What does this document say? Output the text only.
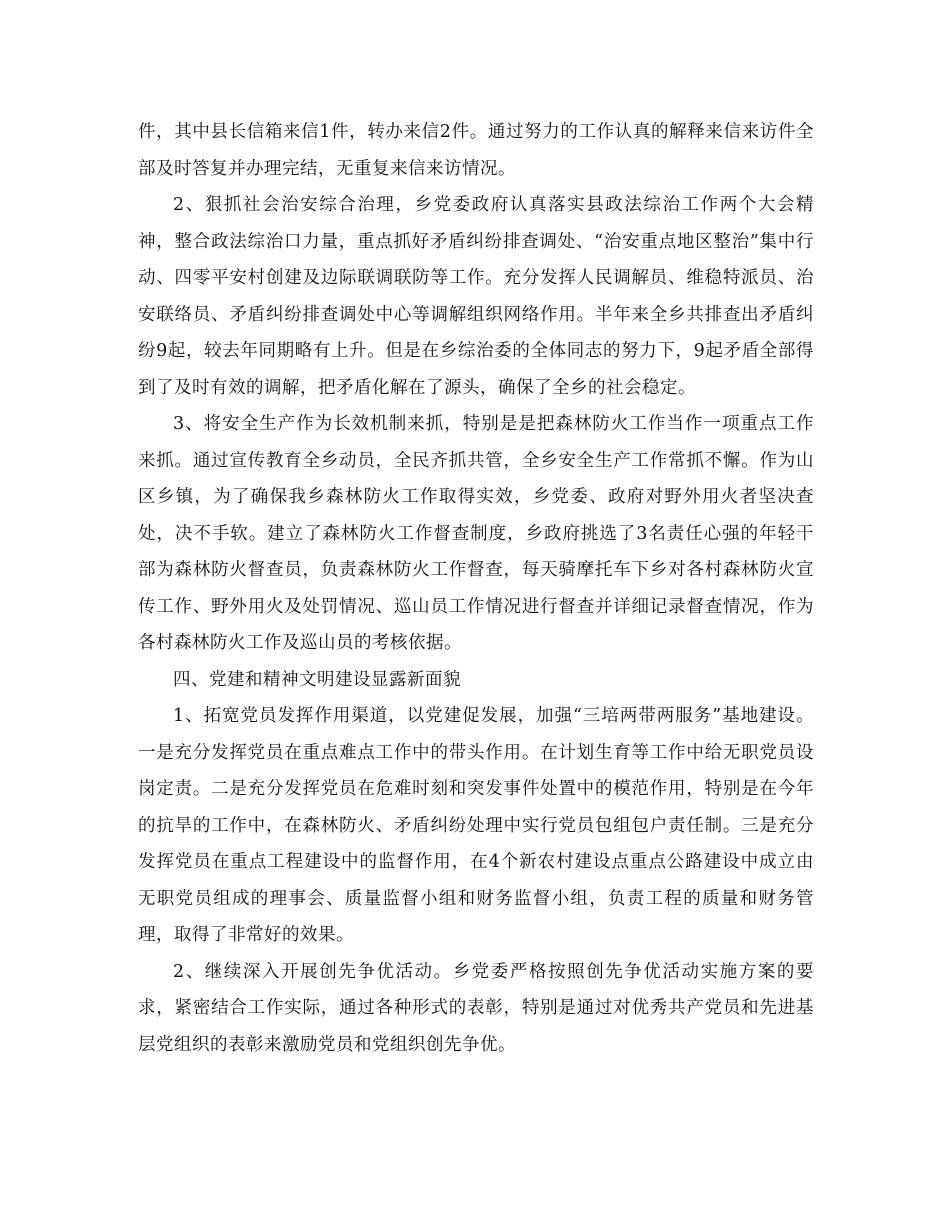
件，其中县长信箱来信1件，转办来信2件。通过努力的工作认真的解释来信来访件全部及时答复并办理完结，无重复来信来访情况。

2、狠抓社会治安综合治理，乡党委政府认真落实县政法综治工作两个大会精神，整合政法综治口力量，重点抓好矛盾纠纷排查调处、“治安重点地区整治”集中行动、四零平安村创建及边际联调联防等工作。充分发挥人民调解员、维稳特派员、治安联络员、矛盾纠纷排查调处中心等调解组织网络作用。半年来全乡共排查出矛盾纠纷9起，较去年同期略有上升。但是在乡综治委的全体同志的努力下，9起矛盾全部得到了及时有效的调解，把矛盾化解在了源头，确保了全乡的社会稳定。

3、将安全生产作为长效机制来抓，特别是是把森林防火工作当作一项重点工作来抓。通过宣传教育全乡动员，全民齐抓共管，全乡安全生产工作常抓不懈。作为山区乡镇，为了确保我乡森林防火工作取得实效，乡党委、政府对野外用火者坚决查处，决不手软。建立了森林防火工作督查制度，乡政府挑选了3名责任心强的年轻干部为森林防火督查员，负责森林防火工作督查，每天骑摩托车下乡对各村森林防火宣传工作、野外用火及处罚情况、巡山员工作情况进行督查并详细记录督查情况，作为各村森林防火工作及巡山员的考核依据。

四、党建和精神文明建设显露新面貌

1、拓宽党员发挥作用渠道，以党建促发展，加强“三培两带两服务”基地建设。一是充分发挥党员在重点难点工作中的带头作用。在计划生育等工作中给无职党员设岗定责。二是充分发挥党员在危难时刻和突发事件处置中的模范作用，特别是在今年的抗旱的工作中，在森林防火、矛盾纠纷处理中实行党员包组包户责任制。三是充分发挥党员在重点工程建设中的监督作用，在4个新农村建设点重点公路建设中成立由无职党员组成的理事会、质量监督小组和财务监督小组，负责工程的质量和财务管理，取得了非常好的效果。

2、继续深入开展创先争优活动。乡党委严格按照创先争优活动实施方案的要求，紧密结合工作实际，通过各种形式的表彰，特别是通过对优秀共产党员和先进基层党组织的表彰来激励党员和党组织创先争优。
